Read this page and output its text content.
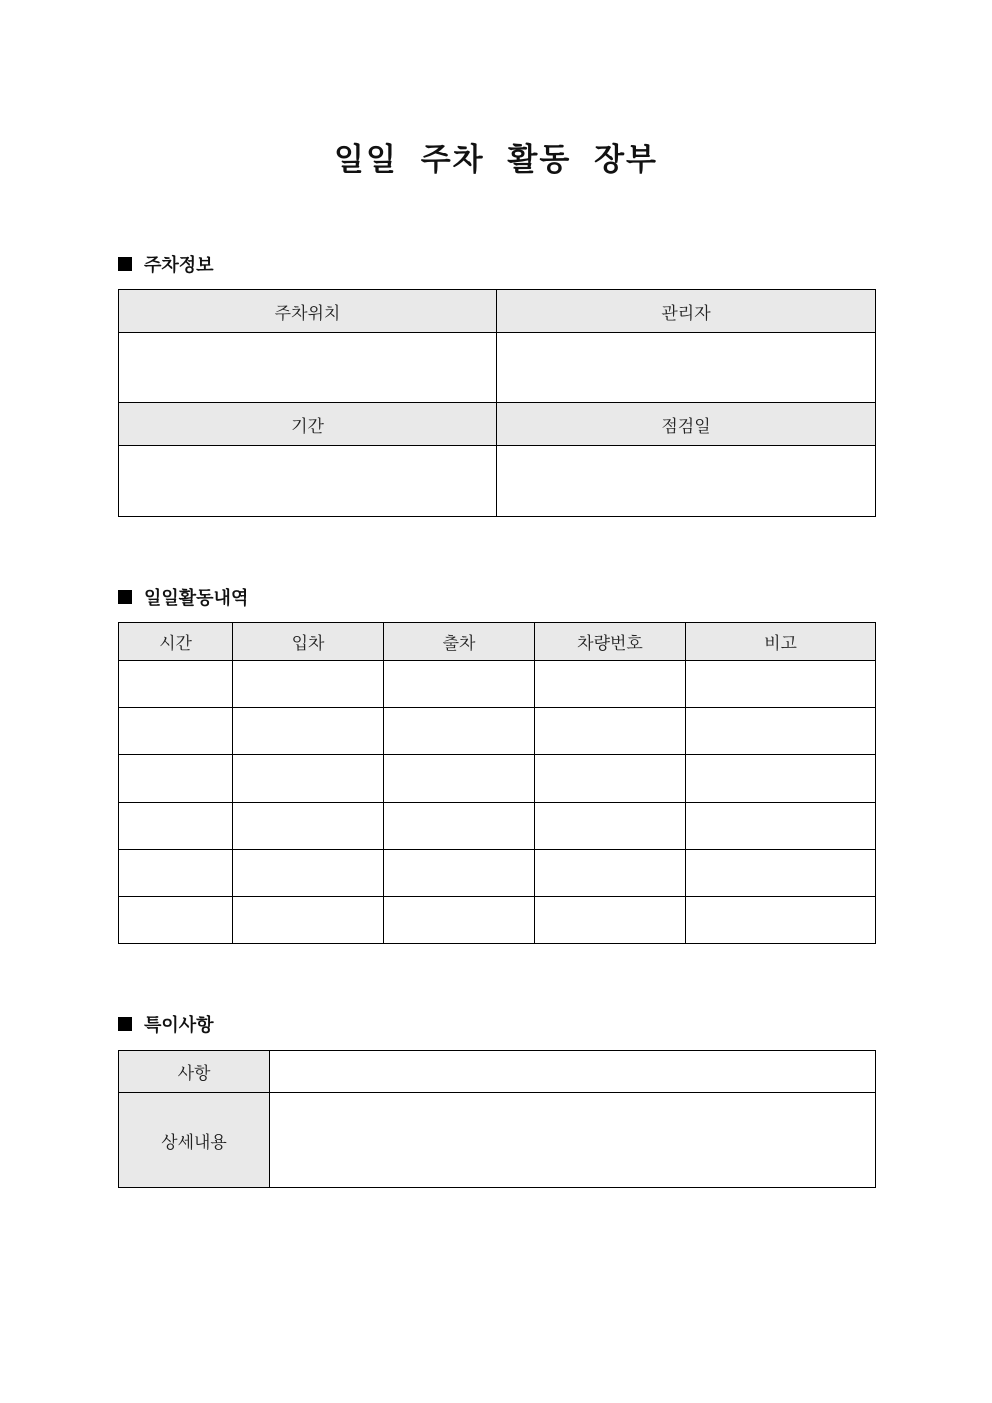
일일 주차 활동 장부
주차정보
주차위치	관리자

기간	점검일

일일활동내역
시간	입차	출차	차량번호	비고

특이사항
사항	
상세내용	
